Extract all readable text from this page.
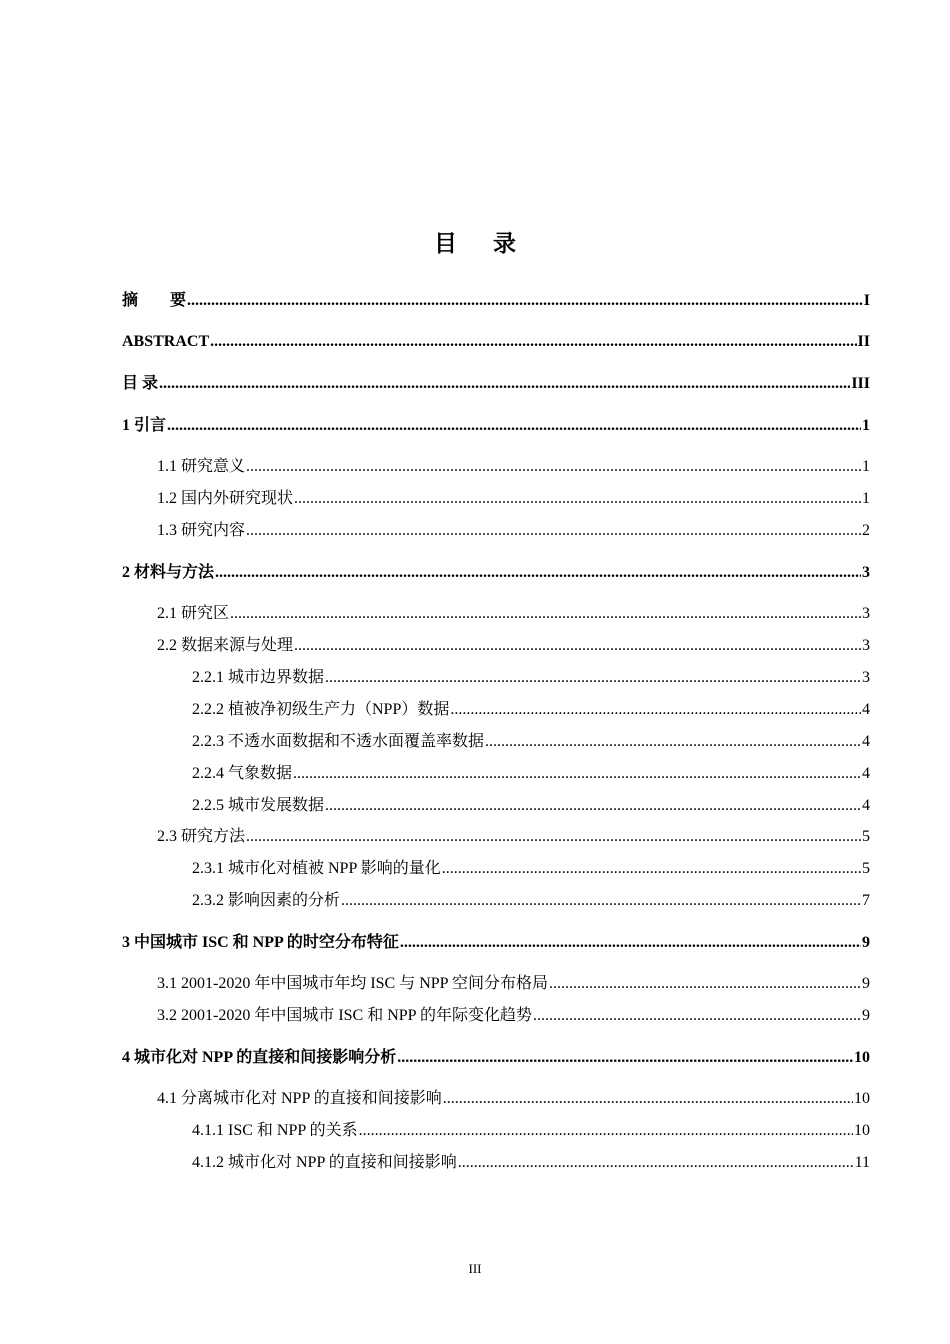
目 录
摘　　要 .....	I
ABSTRACT .....	II
目 录 .....	III
1 引言 .....	1
1.1 研究意义 .....	1
1.2 国内外研究现状 .....	1
1.3 研究内容 .....	2
2 材料与方法 .....	3
2.1 研究区 .....	3
2.2 数据来源与处理 .....	3
2.2.1 城市边界数据 .....	3
2.2.2 植被净初级生产力（NPP）数据 .....	4
2.2.3 不透水面数据和不透水面覆盖率数据 .....	4
2.2.4 气象数据 .....	4
2.2.5 城市发展数据 .....	4
2.3 研究方法 .....	5
2.3.1 城市化对植被 NPP 影响的量化 .....	5
2.3.2 影响因素的分析 .....	7
3 中国城市 ISC 和 NPP 的时空分布特征 .....	9
3.1 2001-2020 年中国城市年均 ISC 与 NPP 空间分布格局 .....	9
3.2 2001-2020 年中国城市 ISC 和 NPP 的年际变化趋势 .....	9
4 城市化对 NPP 的直接和间接影响分析 .....	10
4.1 分离城市化对 NPP 的直接和间接影响 .....	10
4.1.1 ISC 和 NPP 的关系 .....	10
4.1.2 城市化对 NPP 的直接和间接影响 .....	11
III
